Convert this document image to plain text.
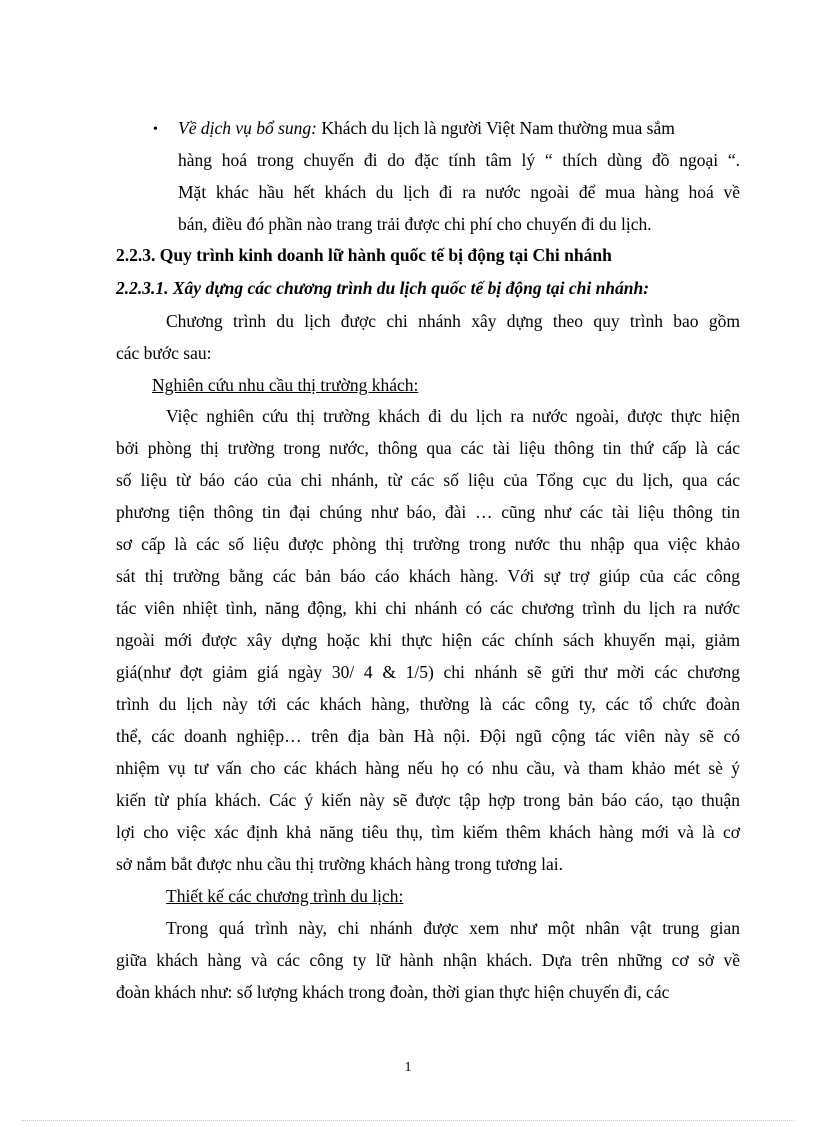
• Về dịch vụ bổ sung: Khách du lịch là người Việt Nam thường mua sắm
hàng hoá trong chuyến đi do đặc tính tâm lý “ thích dùng đồ ngoại “.
Mặt khác hầu hết khách du lịch đi ra nước ngoài để mua hàng hoá về
bán, điều đó phần nào trang trải được chi phí cho chuyến đi du lịch.
2.2.3. Quy trình kinh doanh lữ hành quốc tế bị động tại Chi nhánh
2.2.3.1. Xây dựng các chương trình du lịch quốc tế bị động tại chi nhánh:
Chương trình du lịch được chi nhánh xây dựng theo quy trình bao gồm
các bước sau:
Nghiên cứu nhu cầu thị trường khách:
Việc nghiên cứu thị trường khách đi du lịch ra nước ngoài, được thực hiện
bởi phòng thị trường trong nước, thông qua các tài liệu thông tin thứ cấp là các
số liệu từ báo cáo của chi nhánh, từ các số liệu của Tổng cục du lịch, qua các
phương tiện thông tin đại chúng như báo, đài … cũng như các tài liệu thông tin
sơ cấp là các số liệu được phòng thị trường trong nước thu nhập qua việc khảo
sát thị trường bằng các bản báo cáo khách hàng. Với sự trợ giúp của các công
tác viên nhiệt tình, năng động, khi chi nhánh có các chương trình du lịch ra nước
ngoài mới được xây dựng hoặc khi thực hiện các chính sách khuyến mại, giảm
giá(như đợt giảm giá ngày 30/ 4 & 1/5) chi nhánh sẽ gửi thư mời các chương
trình du lịch này tới các khách hàng, thường là các công ty, các tổ chức đoàn
thể, các doanh nghiệp… trên địa bàn Hà nội. Đội ngũ cộng tác viên này sẽ có
nhiệm vụ tư vấn cho các khách hàng nếu họ có nhu cầu, và tham khảo mét sè ý
kiến từ phía khách. Các ý kiến này sẽ được tập hợp trong bản báo cáo, tạo thuận
lợi cho việc xác định khả năng tiêu thụ, tìm kiếm thêm khách hàng mới và là cơ
sở nắm bắt được nhu cầu thị trường khách hàng trong tương lai.
Thiết kế các chương trình du lịch:
Trong quá trình này, chi nhánh được xem như một nhân vật trung gian
giữa khách hàng và các công ty lữ hành nhận khách. Dựa trên những cơ sở về
đoàn khách như: số lượng khách trong đoàn, thời gian thực hiện chuyến đi, các
1
